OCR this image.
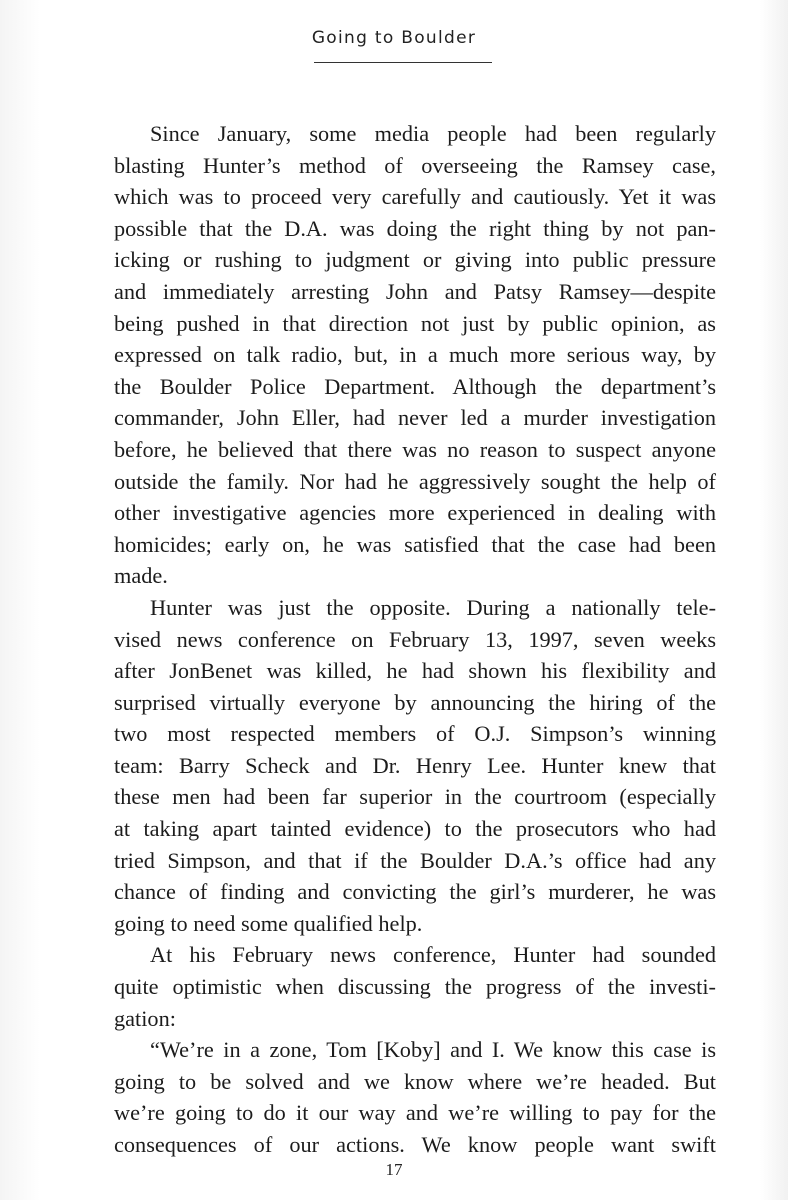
Going to Boulder
Since January, some media people had been regularly
blasting Hunter’s method of overseeing the Ramsey case,
which was to proceed very carefully and cautiously. Yet it was
possible that the D.A. was doing the right thing by not pan-
icking or rushing to judgment or giving into public pressure
and immediately arresting John and Patsy Ramsey—despite
being pushed in that direction not just by public opinion, as
expressed on talk radio, but, in a much more serious way, by
the Boulder Police Department. Although the department’s
commander, John Eller, had never led a murder investigation
before, he believed that there was no reason to suspect anyone
outside the family. Nor had he aggressively sought the help of
other investigative agencies more experienced in dealing with
homicides; early on, he was satisfied that the case had been
made.
Hunter was just the opposite. During a nationally tele-
vised news conference on February 13, 1997, seven weeks
after JonBenet was killed, he had shown his flexibility and
surprised virtually everyone by announcing the hiring of the
two most respected members of O.J. Simpson’s winning
team: Barry Scheck and Dr. Henry Lee. Hunter knew that
these men had been far superior in the courtroom (especially
at taking apart tainted evidence) to the prosecutors who had
tried Simpson, and that if the Boulder D.A.’s office had any
chance of finding and convicting the girl’s murderer, he was
going to need some qualified help.
At his February news conference, Hunter had sounded
quite optimistic when discussing the progress of the investi-
gation:
“We’re in a zone, Tom [Koby] and I. We know this case is
going to be solved and we know where we’re headed. But
we’re going to do it our way and we’re willing to pay for the
consequences of our actions. We know people want swift
17
